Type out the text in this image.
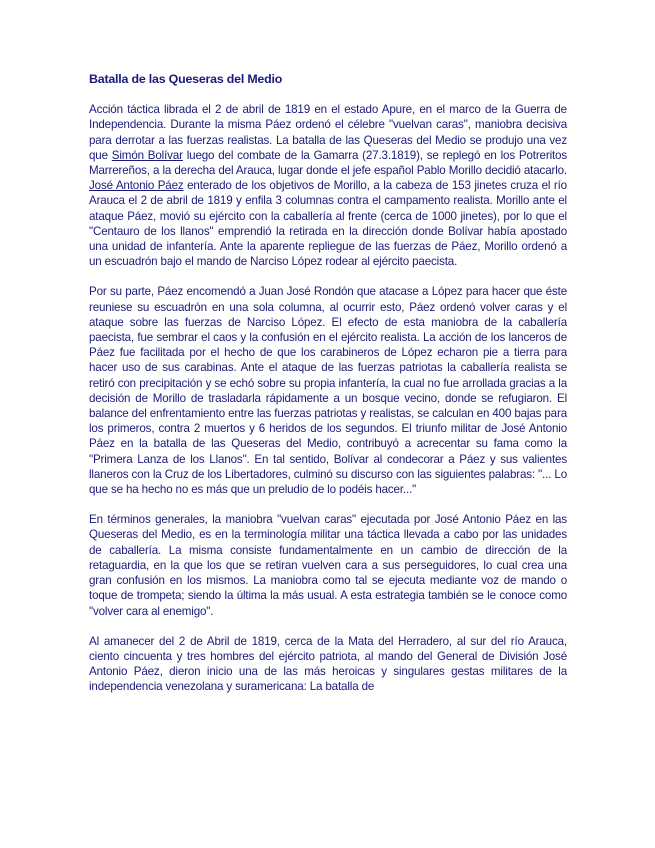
Batalla de las Queseras del Medio
Acción táctica librada el 2 de abril de 1819 en el estado Apure, en el marco de la Guerra de Independencia. Durante la misma Páez ordenó el célebre "vuelvan caras", maniobra decisiva para derrotar a las fuerzas realistas. La batalla de las Queseras del Medio se produjo una vez que Simón Bolívar luego del combate de la Gamarra (27.3.1819), se replegó en los Potreritos Marrereños, a la derecha del Arauca, lugar donde el jefe español Pablo Morillo decidió atacarlo. José Antonio Páez enterado de los objetivos de Morillo, a la cabeza de 153 jinetes cruza el río Arauca el 2 de abril de 1819 y enfila 3 columnas contra el campamento realista. Morillo ante el ataque Páez, movió su ejército con la caballería al frente (cerca de 1000 jinetes), por lo que el "Centauro de los llanos" emprendió la retirada en la dirección donde Bolívar había apostado una unidad de infantería. Ante la aparente repliegue de las fuerzas de Páez, Morillo ordenó a un escuadrón bajo el mando de Narciso López rodear al ejército paecista.
Por su parte, Páez encomendó a Juan José Rondón que atacase a López para hacer que éste reuniese su escuadrón en una sola columna, al ocurrir esto, Páez ordenó volver caras y el ataque sobre las fuerzas de Narciso López. El efecto de esta maniobra de la caballería paecista, fue sembrar el caos y la confusión en el ejército realista. La acción de los lanceros de Páez fue facilitada por el hecho de que los carabineros de López echaron pie a tierra para hacer uso de sus carabinas. Ante el ataque de las fuerzas patriotas la caballería realista se retiró con precipitación y se echó sobre su propia infantería, la cual no fue arrollada gracias a la decisión de Morillo de trasladarla rápidamente a un bosque vecino, donde se refugiaron. El balance del enfrentamiento entre las fuerzas patriotas y realistas, se calculan en 400 bajas para los primeros, contra 2 muertos y 6 heridos de los segundos. El triunfo militar de José Antonio Páez en la batalla de las Queseras del Medio, contribuyó a acrecentar su fama como la "Primera Lanza de los Llanos". En tal sentido, Bolívar al condecorar a Páez y sus valientes llaneros con la Cruz de los Libertadores, culminó su discurso con las siguientes palabras: "... Lo que se ha hecho no es más que un preludio de lo podéis hacer..."
En términos generales, la maniobra "vuelvan caras" ejecutada por José Antonio Páez en las Queseras del Medio, es en la terminología militar una táctica llevada a cabo por las unidades de caballería. La misma consiste fundamentalmente en un cambio de dirección de la retaguardia, en la que los que se retiran vuelven cara a sus perseguidores, lo cual crea una gran confusión en los mismos. La maniobra como tal se ejecuta mediante voz de mando o toque de trompeta; siendo la última la más usual. A esta estrategia también se le conoce como "volver cara al enemigo".
Al amanecer del 2 de Abril de 1819, cerca de la Mata del Herradero, al sur del río Arauca, ciento cincuenta y tres hombres del ejército patriota, al mando del General de División José Antonio Páez, dieron inicio una de las más heroicas y singulares gestas militares de la independencia venezolana y suramericana: La batalla de
